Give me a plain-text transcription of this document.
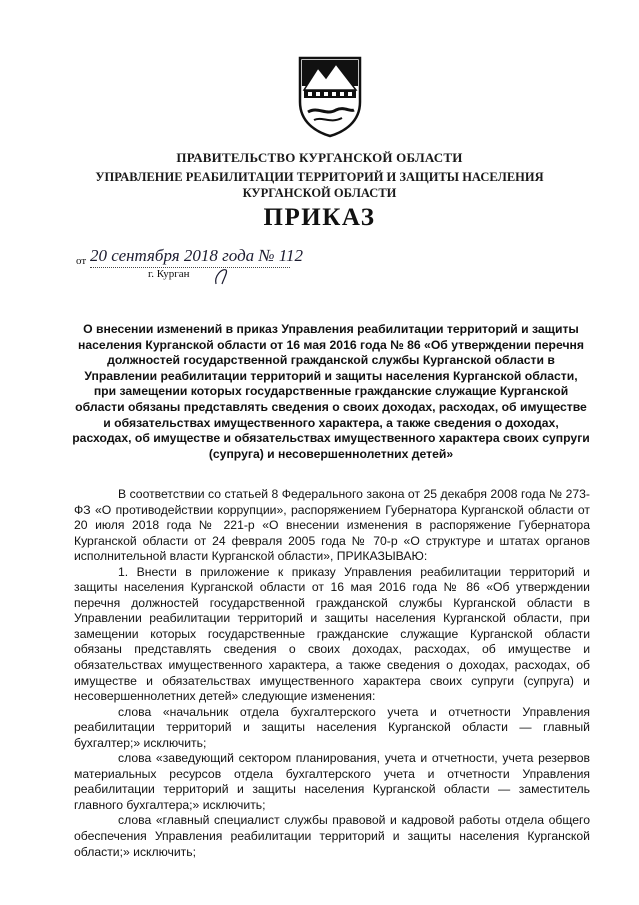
ПРАВИТЕЛЬСТВО КУРГАНСКОЙ ОБЛАСТИ
УПРАВЛЕНИЕ РЕАБИЛИТАЦИИ ТЕРРИТОРИЙ И ЗАЩИТЫ НАСЕЛЕНИЯ
КУРГАНСКОЙ ОБЛАСТИ
ПРИКАЗ
от 20 сентября 2018 года № 112
г. Курган
О внесении изменений в приказ Управления реабилитации территорий и защиты населения Курганской области от 16 мая 2016 года № 86 «Об утверждении перечня должностей государственной гражданской службы Курганской области в Управлении реабилитации территорий и защиты населения Курганской области, при замещении которых государственные гражданские служащие Курганской области обязаны представлять сведения о своих доходах, расходах, об имуществе и обязательствах имущественного характера, а также сведения о доходах, расходах, об имуществе и обязательствах имущественного характера своих супруги (супруга) и несовершеннолетних детей»

В соответствии со статьей 8 Федерального закона от 25 декабря 2008 года № 273-ФЗ «О противодействии коррупции», распоряжением Губернатора Курганской области от 20 июля 2018 года № 221-р «О внесении изменения в распоряжение Губернатора Курганской области от 24 февраля 2005 года № 70-р «О структуре и штатах органов исполнительной власти Курганской области», ПРИКАЗЫВАЮ:

1. Внести в приложение к приказу Управления реабилитации территорий и защиты населения Курганской области от 16 мая 2016 года № 86 «Об утверждении перечня должностей государственной гражданской службы Курганской области в Управлении реабилитации территорий и защиты населения Курганской области, при замещении которых государственные гражданские служащие Курганской области обязаны представлять сведения о своих доходах, расходах, об имуществе и обязательствах имущественного характера, а также сведения о доходах, расходах, об имуществе и обязательствах имущественного характера своих супруги (супруга) и несовершеннолетних детей» следующие изменения:

слова «начальник отдела бухгалтерского учета и отчетности Управления реабилитации территорий и защиты населения Курганской области — главный бухгалтер;» исключить;

слова «заведующий сектором планирования, учета и отчетности, учета резервов материальных ресурсов отдела бухгалтерского учета и отчетности Управления реабилитации территорий и защиты населения Курганской области — заместитель главного бухгалтера;» исключить;

слова «главный специалист службы правовой и кадровой работы отдела общего обеспечения Управления реабилитации территорий и защиты населения Курганской области;» исключить;
